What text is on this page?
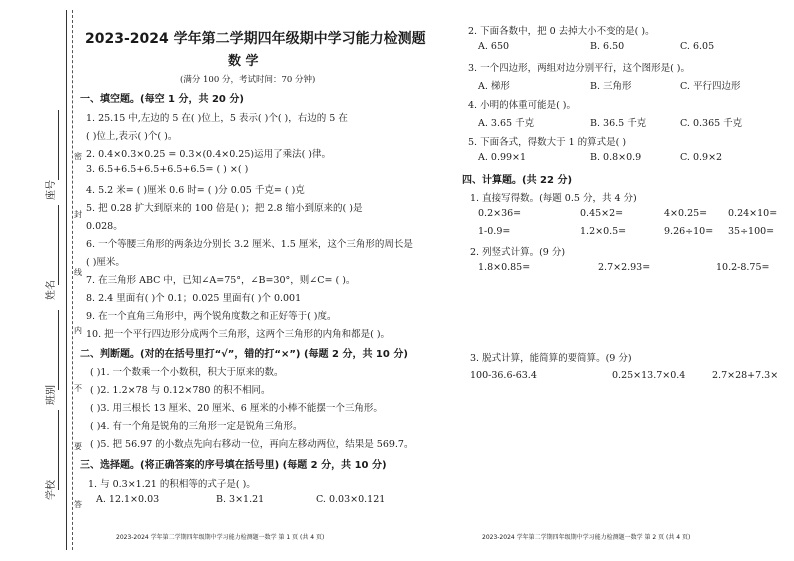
密
封
线
内
不
要
答
座号
姓名
班别
学校
2023-2024 学年第二学期四年级期中学习能力检测题
数 学
(满分 100 分，考试时间：70 分钟)
一、填空题。(每空 1 分，共 20 分)
1. 25.15 中,左边的 5 在( )位上，5 表示( )个( )，右边的 5 在
( )位上,表示( )个( )。
2. 0.4×0.3×0.25 = 0.3×(0.4×0.25)运用了乘法( )律。
3. 6.5+6.5+6.5+6.5+6.5= ( ) ×( )
4. 5.2 米= ( )厘米 0.6 时= ( )分 0.05 千克= ( )克
5. 把 0.28 扩大到原来的 100 倍是( )；把 2.8 缩小到原来的( )是
0.028。
6. 一个等腰三角形的两条边分别长 3.2 厘米、1.5 厘米，这个三角形的周长是
( )厘米。
7. 在三角形 ABC 中，已知∠A=75°，∠B=30°，则∠C= ( )。
8. 2.4 里面有( )个 0.1；0.025 里面有( )个 0.001
9. 在一个直角三角形中，两个锐角度数之和正好等于( )度。
10. 把一个平行四边形分成两个三角形，这两个三角形的内角和都是( )。
二、判断题。(对的在括号里打“√”，错的打“×”) (每题 2 分，共 10 分)
( )1. 一个数乘一个小数积，积大于原来的数。
( )2. 1.2×78 与 0.12×780 的积不相同。
( )3. 用三根长 13 厘米、20 厘米、6 厘米的小棒不能摆一个三角形。
( )4. 有一个角是锐角的三角形一定是锐角三角形。
( )5. 把 56.97 的小数点先向右移动一位，再向左移动两位，结果是 569.7。
三、选择题。(将正确答案的序号填在括号里) (每题 2 分，共 10 分)
1. 与 0.3×1.21 的积相等的式子是( )。
A. 12.1×0.03	B. 3×1.21	C. 0.03×0.121
2023-2024 学年第二学期四年级期中学习能力检测题一数学 第 1 页 (共 4 页)
2. 下面各数中，把 0 去掉大小不变的是( )。
A. 650	B. 6.50	C. 6.05
3. 一个四边形，两组对边分别平行，这个图形是( )。
A. 梯形	B. 三角形	C. 平行四边形
4. 小明的体重可能是( )。
A. 3.65 千克	B. 36.5 千克	C. 0.365 千克
5. 下面各式，得数大于 1 的算式是( )
A. 0.99×1	B. 0.8×0.9	C. 0.9×2
四、计算题。(共 22 分)
1. 直接写得数。(每题 0.5 分，共 4 分)
0.2×36=	0.45×2=	4×0.25= 0.24×10=
1-0.9=	1.2×0.5=	9.26÷10= 35÷100=
2. 列竖式计算。(9 分)
1.8×0.85=	2.7×2.93=	10.2-8.75=
3. 脱式计算，能简算的要简算。(9 分)
100-36.6-63.4	0.25×13.7×0.4	2.7×28+7.3×
2023-2024 学年第二学期四年级期中学习能力检测题一数学 第 2 页 (共 4 页)
